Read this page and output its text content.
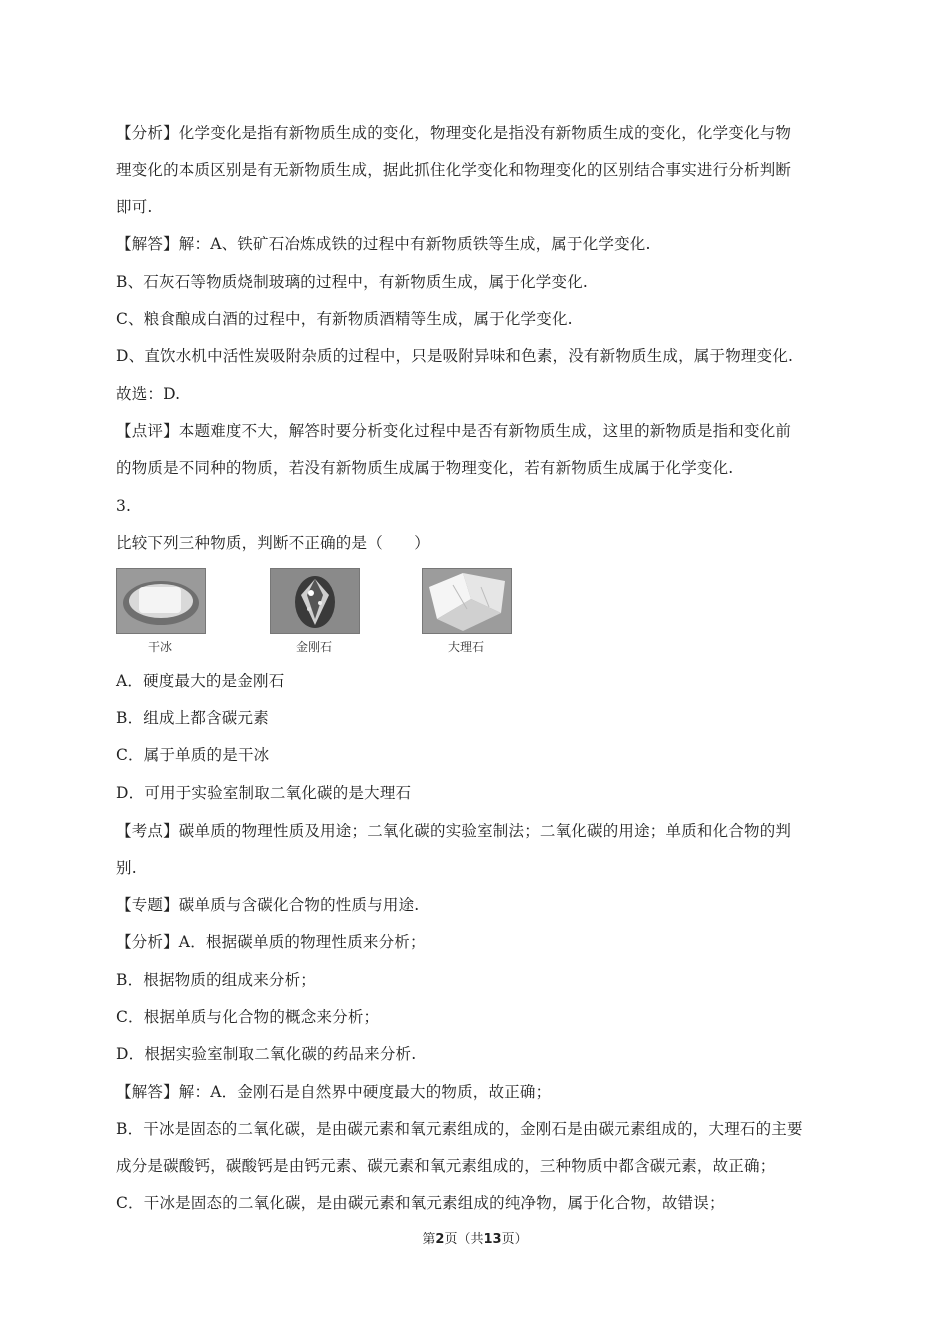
【分析】化学变化是指有新物质生成的变化，物理变化是指没有新物质生成的变化，化学变化与物
理变化的本质区别是有无新物质生成，据此抓住化学变化和物理变化的区别结合事实进行分析判断
即可.
【解答】解：A、铁矿石冶炼成铁的过程中有新物质铁等生成，属于化学变化.
B、石灰石等物质烧制玻璃的过程中，有新物质生成，属于化学变化.
C、粮食酿成白酒的过程中，有新物质酒精等生成，属于化学变化.
D、直饮水机中活性炭吸附杂质的过程中，只是吸附异味和色素，没有新物质生成，属于物理变化.
故选：D.
【点评】本题难度不大，解答时要分析变化过程中是否有新物质生成，这里的新物质是指和变化前
的物质是不同种的物质，若没有新物质生成属于物理变化，若有新物质生成属于化学变化.
3.
比较下列三种物质，判断不正确的是（　　）
干冰	金刚石	大理石
A．硬度最大的是金刚石
B．组成上都含碳元素
C．属于单质的是干冰
D．可用于实验室制取二氧化碳的是大理石
【考点】碳单质的物理性质及用途；二氧化碳的实验室制法；二氧化碳的用途；单质和化合物的判
别.
【专题】碳单质与含碳化合物的性质与用途.
【分析】A．根据碳单质的物理性质来分析；
B．根据物质的组成来分析；
C．根据单质与化合物的概念来分析；
D．根据实验室制取二氧化碳的药品来分析.
【解答】解：A．金刚石是自然界中硬度最大的物质，故正确；
B．干冰是固态的二氧化碳，是由碳元素和氧元素组成的，金刚石是由碳元素组成的，大理石的主要
成分是碳酸钙，碳酸钙是由钙元素、碳元素和氧元素组成的，三种物质中都含碳元素，故正确；
C．干冰是固态的二氧化碳，是由碳元素和氧元素组成的纯净物，属于化合物，故错误；
第2页（共13页）
